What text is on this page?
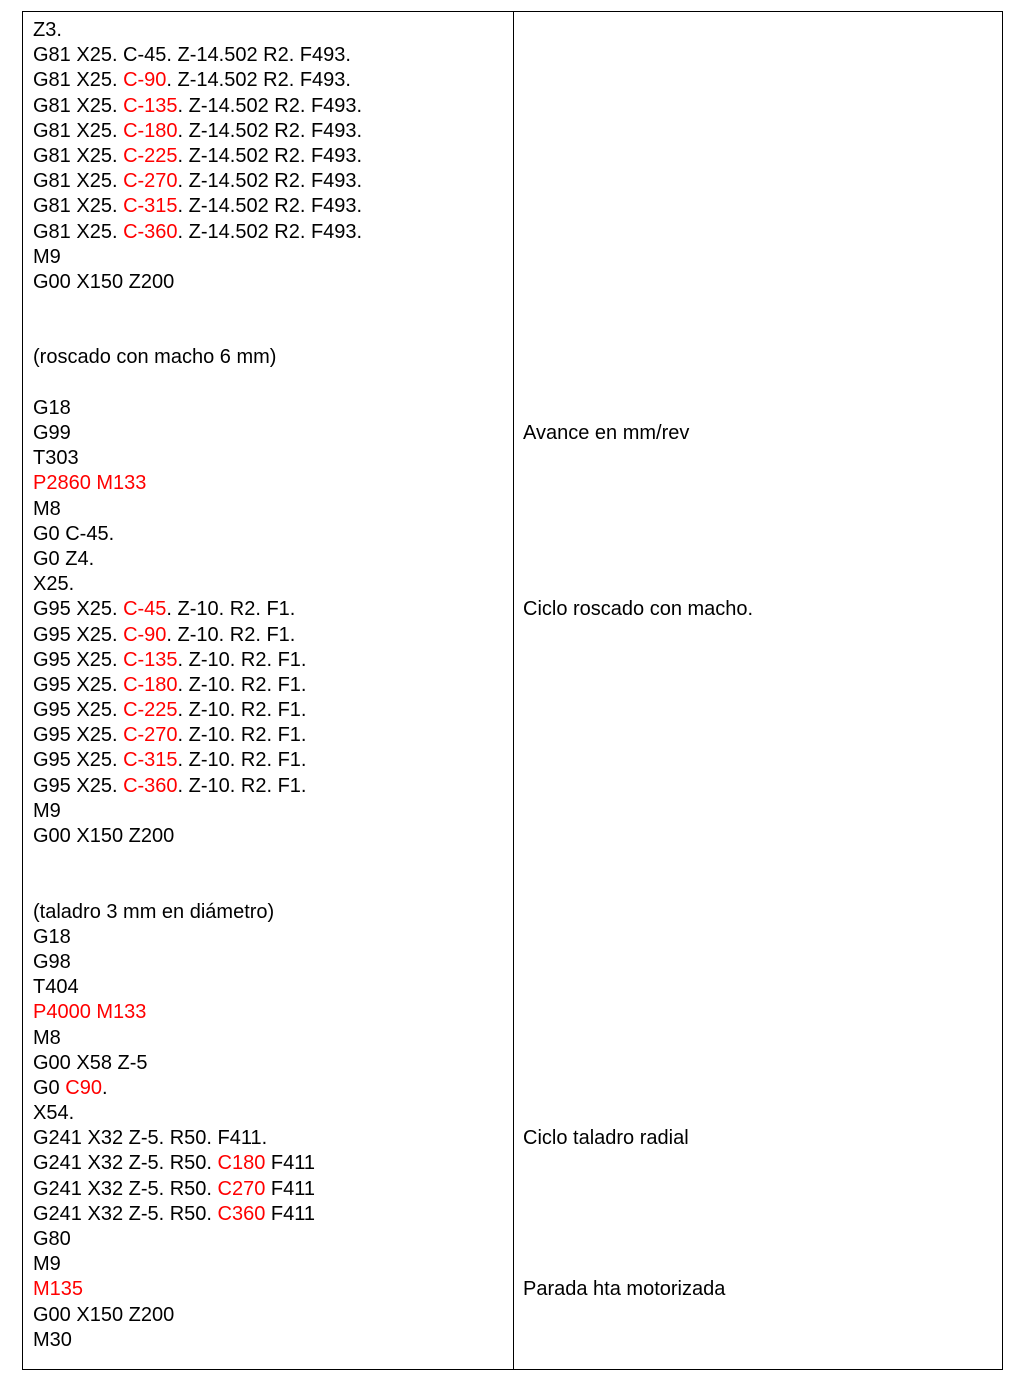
Z3.
G81 X25. C-45. Z-14.502 R2. F493.
G81 X25. C-90. Z-14.502 R2. F493.
G81 X25. C-135. Z-14.502 R2. F493.
G81 X25. C-180. Z-14.502 R2. F493.
G81 X25. C-225. Z-14.502 R2. F493.
G81 X25. C-270. Z-14.502 R2. F493.
G81 X25. C-315. Z-14.502 R2. F493.
G81 X25. C-360. Z-14.502 R2. F493.
M9
G00 X150 Z200
(roscado con macho 6 mm)
G18
G99
T303
P2860 M133
M8
G0 C-45.
G0 Z4.
X25.
G95 X25. C-45. Z-10. R2. F1.
G95 X25. C-90. Z-10. R2. F1.
G95 X25. C-135. Z-10. R2. F1.
G95 X25. C-180. Z-10. R2. F1.
G95 X25. C-225. Z-10. R2. F1.
G95 X25. C-270. Z-10. R2. F1.
G95 X25. C-315. Z-10. R2. F1.
G95 X25. C-360. Z-10. R2. F1.
M9
G00 X150 Z200
(taladro 3 mm en diámetro)
G18
G98
T404
P4000 M133
M8
G00 X58 Z-5
G0 C90.
X54.
G241 X32 Z-5. R50. F411.
G241 X32 Z-5. R50. C180 F411
G241 X32 Z-5. R50. C270 F411
G241 X32 Z-5. R50. C360 F411
G80
M9
M135
G00 X150 Z200
M30
Avance en mm/rev
Ciclo roscado con macho.
Ciclo taladro radial
Parada hta motorizada
